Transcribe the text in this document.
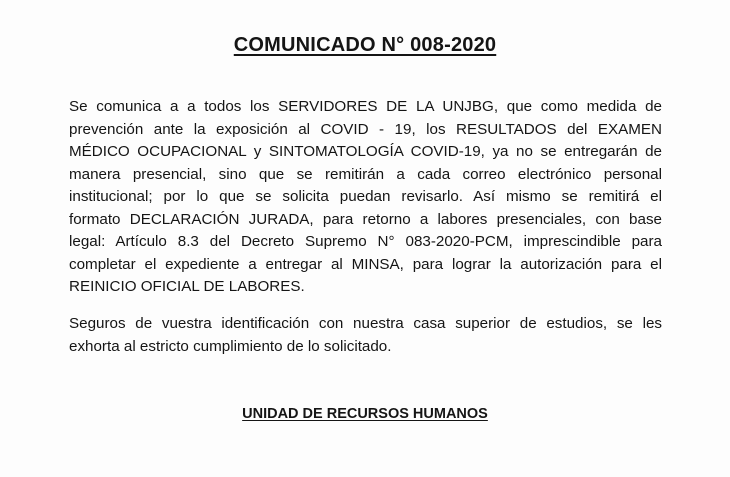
COMUNICADO N° 008-2020

Se comunica a a todos los SERVIDORES DE LA UNJBG, que como medida de
prevención ante la exposición al COVID - 19, los RESULTADOS del EXAMEN
MÉDICO OCUPACIONAL y SINTOMATOLOGÍA COVID-19, ya no se entregarán de
manera presencial, sino que se remitirán a cada correo electrónico personal
institucional; por lo que se solicita puedan revisarlo. Así mismo se remitirá el
formato DECLARACIÓN JURADA, para retorno a labores presenciales, con base
legal: Artículo 8.3 del Decreto Supremo N° 083-2020-PCM, imprescindible para
completar el expediente a entregar al MINSA, para lograr la autorización para el
REINICIO OFICIAL DE LABORES.

Seguros de vuestra identificación con nuestra casa superior de estudios, se les
exhorta al estricto cumplimiento de lo solicitado.

UNIDAD DE RECURSOS HUMANOS
